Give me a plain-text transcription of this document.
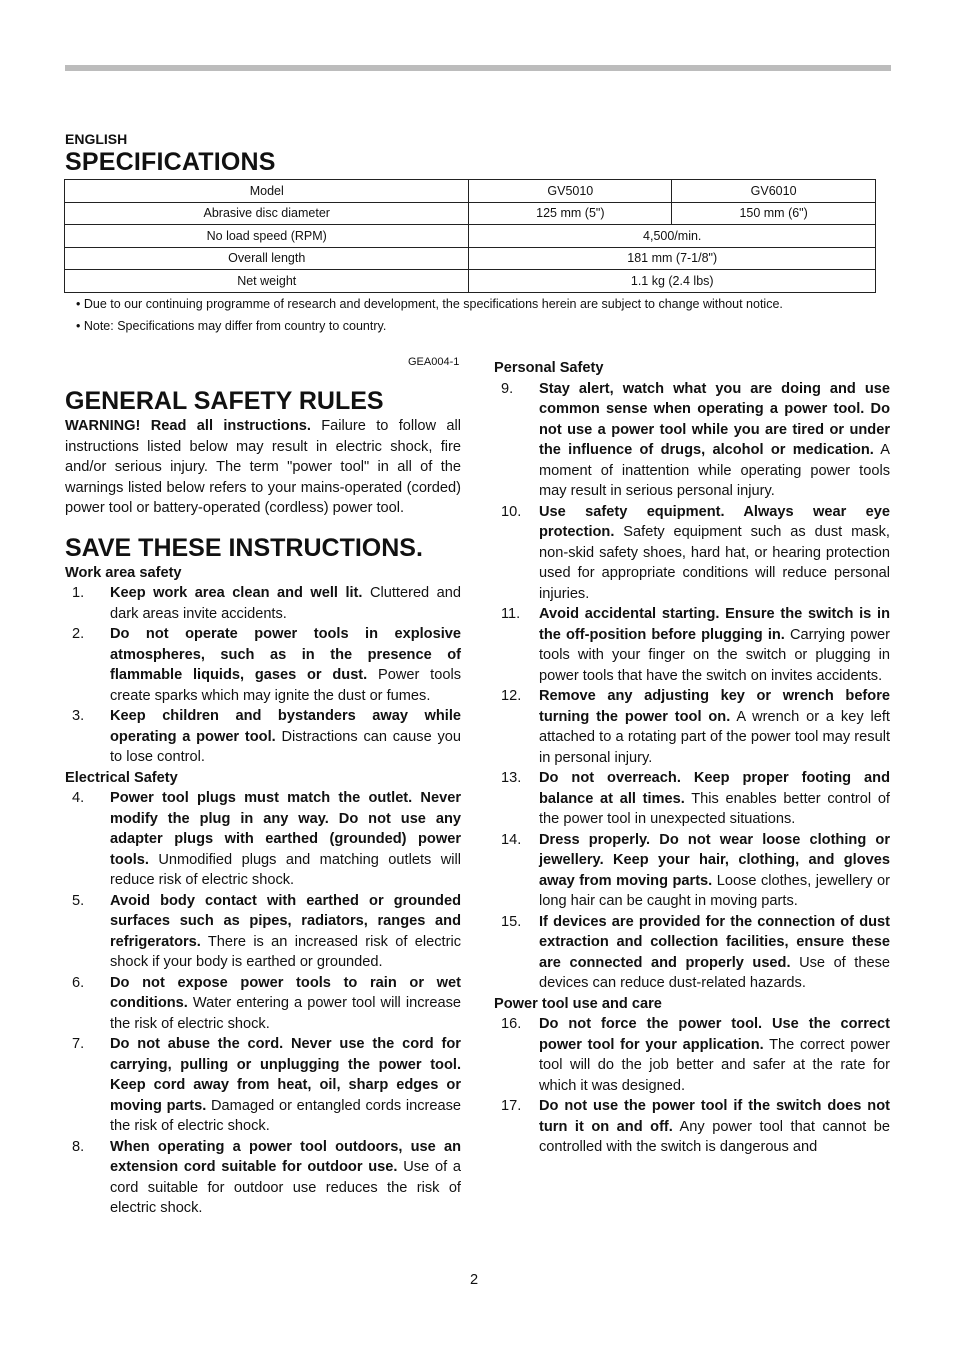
ENGLISH
SPECIFICATIONS
Model	GV5010	GV6010
Abrasive disc diameter	125 mm (5")	150 mm (6")
No load speed (RPM)	4,500/min.	
Overall length	181 mm (7-1/8")	
Net weight	1.1 kg (2.4 lbs)	
• Due to our continuing programme of research and development, the specifications herein are subject to change without notice.
• Note: Specifications may differ from country to country.
GEA004-1
GENERAL SAFETY RULES

WARNING! Read all instructions. Failure to follow all instructions listed below may result in electric shock, fire and/or serious injury. The term "power tool" in all of the warnings listed below refers to your mains-operated (corded) power tool or battery-operated (cordless) power tool.

SAVE THESE INSTRUCTIONS.
Work area safety
1.	Keep work area clean and well lit. Cluttered and dark areas invite accidents.
2.	Do not operate power tools in explosive atmospheres, such as in the presence of flammable liquids, gases or dust. Power tools create sparks which may ignite the dust or fumes.
3.	Keep children and bystanders away while operating a power tool. Distractions can cause you to lose control.
Electrical Safety
4.	Power tool plugs must match the outlet. Never modify the plug in any way. Do not use any adapter plugs with earthed (grounded) power tools. Unmodified plugs and matching outlets will reduce risk of electric shock.
5.	Avoid body contact with earthed or grounded surfaces such as pipes, radiators, ranges and refrigerators. There is an increased risk of electric shock if your body is earthed or grounded.
6.	Do not expose power tools to rain or wet conditions. Water entering a power tool will increase the risk of electric shock.
7.	Do not abuse the cord. Never use the cord for carrying, pulling or unplugging the power tool. Keep cord away from heat, oil, sharp edges or moving parts. Damaged or entangled cords increase the risk of electric shock.
8.	When operating a power tool outdoors, use an extension cord suitable for outdoor use. Use of a cord suitable for outdoor use reduces the risk of electric shock.
Personal Safety
9.	Stay alert, watch what you are doing and use common sense when operating a power tool. Do not use a power tool while you are tired or under the influence of drugs, alcohol or medication. A moment of inattention while operating power tools may result in serious personal injury.
10.	Use safety equipment. Always wear eye protection. Safety equipment such as dust mask, non-skid safety shoes, hard hat, or hearing protection used for appropriate conditions will reduce personal injuries.
11.	Avoid accidental starting. Ensure the switch is in the off-position before plugging in. Carrying power tools with your finger on the switch or plugging in power tools that have the switch on invites accidents.
12.	Remove any adjusting key or wrench before turning the power tool on. A wrench or a key left attached to a rotating part of the power tool may result in personal injury.
13.	Do not overreach. Keep proper footing and balance at all times. This enables better control of the power tool in unexpected situations.
14.	Dress properly. Do not wear loose clothing or jewellery. Keep your hair, clothing, and gloves away from moving parts. Loose clothes, jewellery or long hair can be caught in moving parts.
15.	If devices are provided for the connection of dust extraction and collection facilities, ensure these are connected and properly used. Use of these devices can reduce dust-related hazards.
Power tool use and care
16.	Do not force the power tool. Use the correct power tool for your application. The correct power tool will do the job better and safer at the rate for which it was designed.
17.	Do not use the power tool if the switch does not turn it on and off. Any power tool that cannot be controlled with the switch is dangerous and
2
